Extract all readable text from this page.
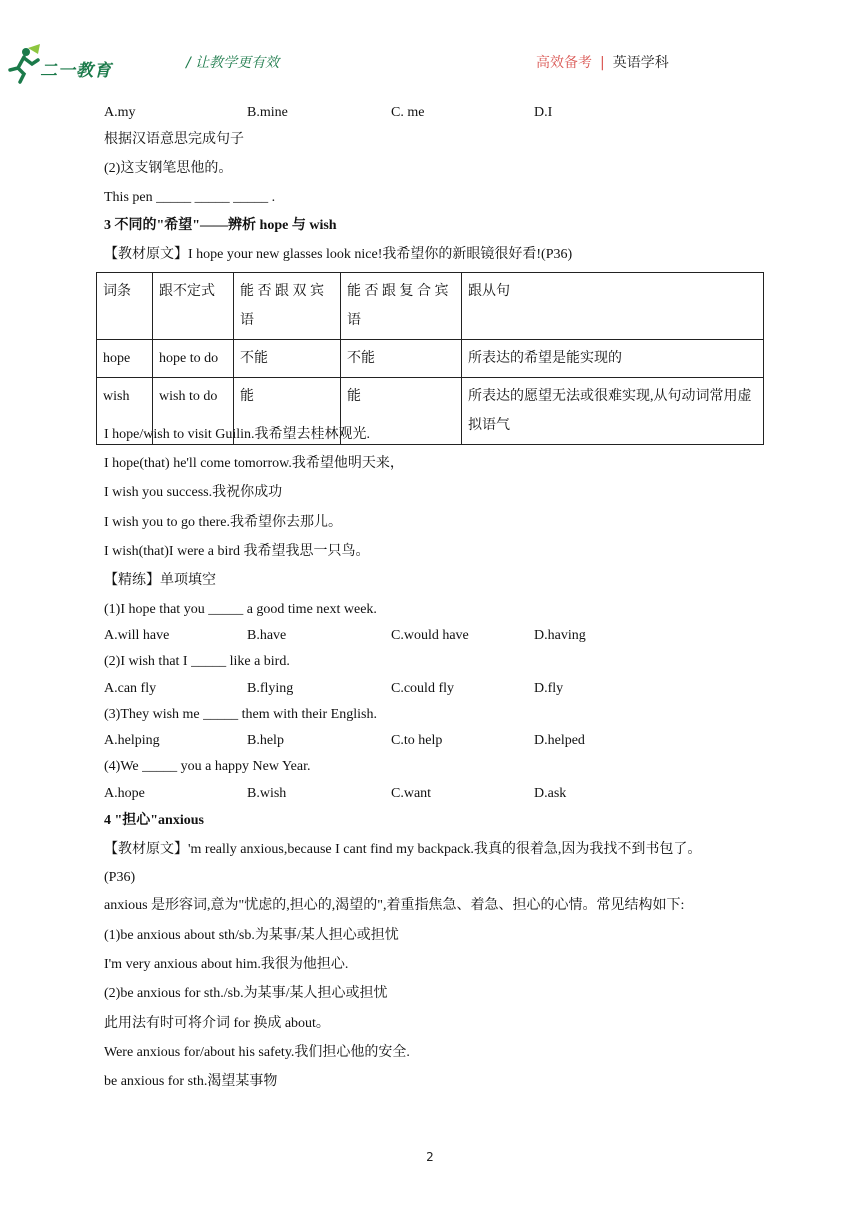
二一教育	/ 让教学更有效	高效备考 | 英语学科
A.my	B.mine	C. me	D.I
根据汉语意思完成句子
(2)这支钢笔思他的。
This pen _____ _____ _____ .
3 不同的"希望"——辨析 hope 与 wish
【教材原文】I hope your new glasses look nice!我希望你的新眼镜很好看!(P36)
词条	跟不定式	能 否 跟 双 宾 语	能 否 跟 复 合 宾 语	跟从句
hope	hope to do	不能	不能	所表达的希望是能实现的
wish	wish to do	能	能	所表达的愿望无法或很难实现,从句动词常用虚拟语气
I hope/wish to visit Guilin.我希望去桂林观光.
I hope(that) he'll come tomorrow.我希望他明天来，
I wish you success.我祝你成功
I wish you to go there.我希望你去那儿。
I wish(that)I were a bird 我希望我思一只鸟。
【精练】单项填空
(1)I hope that you _____ a good time next week.
A.will have	B.have	C.would have	D.having
(2)I wish that I _____ like a bird.
A.can fly	B.flying	C.could fly	D.fly
(3)They wish me _____ them with their English.
A.helping	B.help	C.to help	D.helped
(4)We _____ you a happy New Year.
A.hope	B.wish	C.want	D.ask
4 "担心"anxious
【教材原文】'm really anxious,because I cant find my backpack.我真的很着急,因为我找不到书包了。
(P36)
anxious 是形容词,意为"忧虑的,担心的,渴望的",着重指焦急、着急、担心的心情。常见结构如下:
(1)be anxious about sth/sb.为某事/某人担心或担忧
I'm very anxious about him.我很为他担心.
(2)be anxious for sth./sb.为某事/某人担心或担忧
此用法有时可将介词 for 换成 about。
Were anxious for/about his safety.我们担心他的安全.
be anxious for sth.渴望某事物
2
